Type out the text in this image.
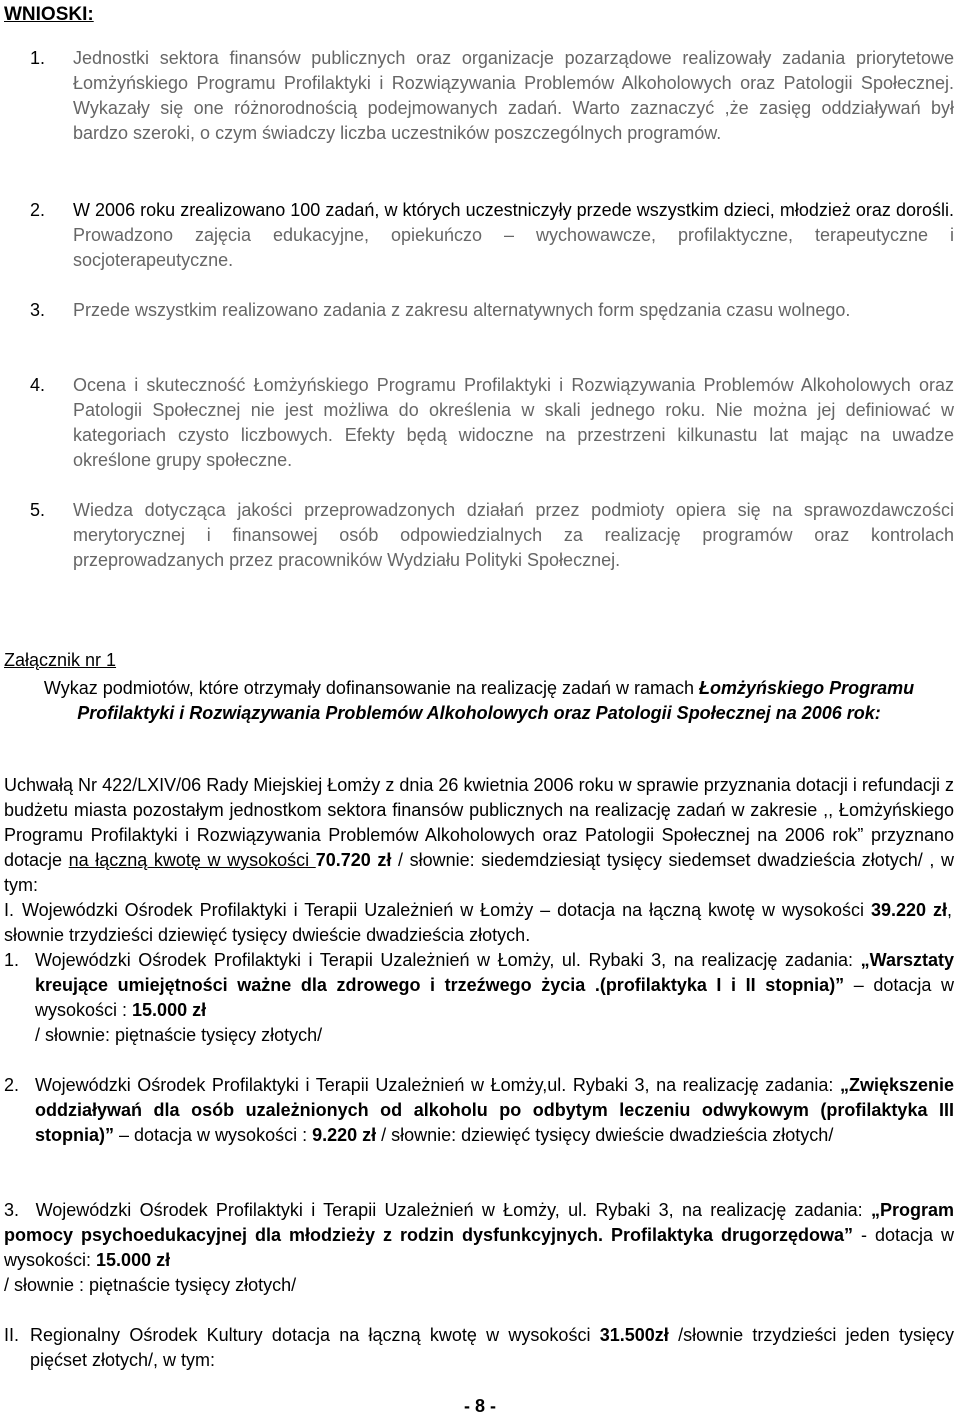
WNIOSKI:
1.	Jednostki sektora finansów publicznych oraz organizacje pozarządowe realizowały zadania priorytetowe Łomżyńskiego Programu Profilaktyki i Rozwiązywania Problemów Alkoholowych oraz Patologii Społecznej. Wykazały się one różnorodnością podejmowanych zadań. Warto zaznaczyć ,że zasięg oddziaływań był bardzo szeroki, o czym świadczy liczba uczestników poszczególnych programów.
2.	W 2006 roku zrealizowano 100 zadań, w których uczestniczyły przede wszystkim dzieci, młodzież oraz dorośli. Prowadzono zajęcia edukacyjne, opiekuńczo – wychowawcze, profilaktyczne, terapeutyczne i socjoterapeutyczne.
3.	Przede wszystkim realizowano zadania z zakresu alternatywnych form spędzania czasu wolnego.
4.	Ocena i skuteczność Łomżyńskiego Programu Profilaktyki i Rozwiązywania Problemów Alkoholowych oraz Patologii Społecznej nie jest możliwa do określenia w skali jednego roku. Nie można jej definiować w kategoriach czysto liczbowych. Efekty będą widoczne na przestrzeni kilkunastu lat mając na uwadze określone grupy społeczne.
5.	Wiedza dotycząca jakości przeprowadzonych działań przez podmioty opiera się na sprawozdawczości merytorycznej i finansowej osób odpowiedzialnych za realizację programów oraz kontrolach przeprowadzanych przez pracowników Wydziału Polityki Społecznej.
Załącznik nr 1
Wykaz podmiotów, które otrzymały dofinansowanie na realizację zadań w ramach Łomżyńskiego Programu Profilaktyki i Rozwiązywania Problemów Alkoholowych oraz Patologii Społecznej na 2006 rok:
Uchwałą Nr 422/LXIV/06 Rady Miejskiej Łomży z dnia 26 kwietnia 2006 roku w sprawie przyznania dotacji i refundacji z budżetu miasta pozostałym jednostkom sektora finansów publicznych na realizację zadań w zakresie ,, Łomżyńskiego Programu Profilaktyki i Rozwiązywania Problemów Alkoholowych oraz Patologii Społecznej na 2006 rok” przyznano dotacje na łączną kwotę w wysokości 70.720 zł / słownie: siedemdziesiąt tysięcy siedemset dwadzieścia złotych/ , w tym:
I. Wojewódzki Ośrodek Profilaktyki i Terapii Uzależnień w Łomży – dotacja na łączną kwotę w wysokości 39.220 zł, słownie trzydzieści dziewięć tysięcy dwieście dwadzieścia złotych.
1. Wojewódzki Ośrodek Profilaktyki i Terapii Uzależnień w Łomży, ul. Rybaki 3, na realizację zadania: „Warsztaty kreujące umiejętności ważne dla zdrowego i trzeźwego życia .(profilaktyka I i II stopnia)” – dotacja w wysokości : 15.000 zł
/ słownie: piętnaście tysięcy złotych/
2. Wojewódzki Ośrodek Profilaktyki i Terapii Uzależnień w Łomży,ul. Rybaki 3, na realizację zadania: „Zwiększenie oddziaływań dla osób uzależnionych od alkoholu po odbytym leczeniu odwykowym (profilaktyka III stopnia)” – dotacja w wysokości : 9.220 zł / słownie: dziewięć tysięcy dwieście dwadzieścia złotych/
3. Wojewódzki Ośrodek Profilaktyki i Terapii Uzależnień w Łomży, ul. Rybaki 3, na realizację zadania: „Program pomocy psychoedukacyjnej dla młodzieży z rodzin dysfunkcyjnych. Profilaktyka drugorzędowa” - dotacja w wysokości: 15.000 zł
/ słownie : piętnaście tysięcy złotych/
II. Regionalny Ośrodek Kultury dotacja na łączną kwotę w wysokości 31.500zł /słownie trzydzieści jeden tysięcy pięćset złotych/, w tym:
- 8 -
